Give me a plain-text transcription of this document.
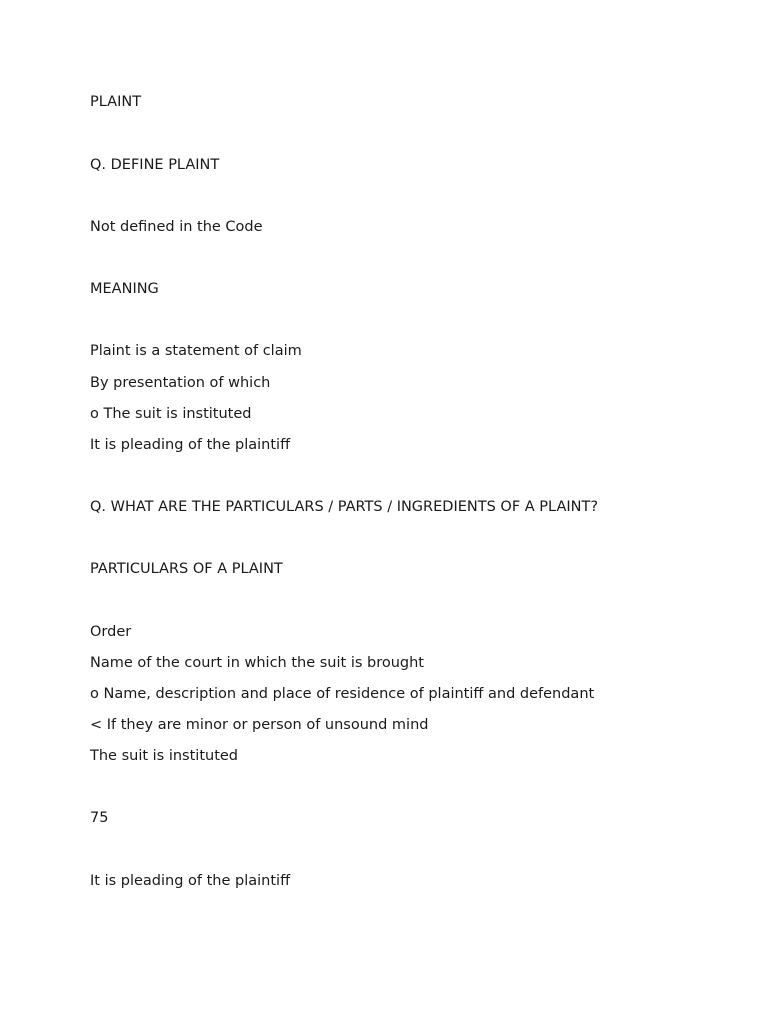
PLAINT
Q. DEFINE PLAINT
Not defined in the Code
MEANING
Plaint is a statement of claim
By presentation of which
o The suit is instituted
It is pleading of the plaintiff
Q. WHAT ARE THE PARTICULARS / PARTS / INGREDIENTS OF A PLAINT?
PARTICULARS OF A PLAINT
Order
Name of the court in which the suit is brought
o Name, description and place of residence of plaintiff and defendant
< If they are minor or person of unsound mind
The suit is instituted
75
It is pleading of the plaintiff
